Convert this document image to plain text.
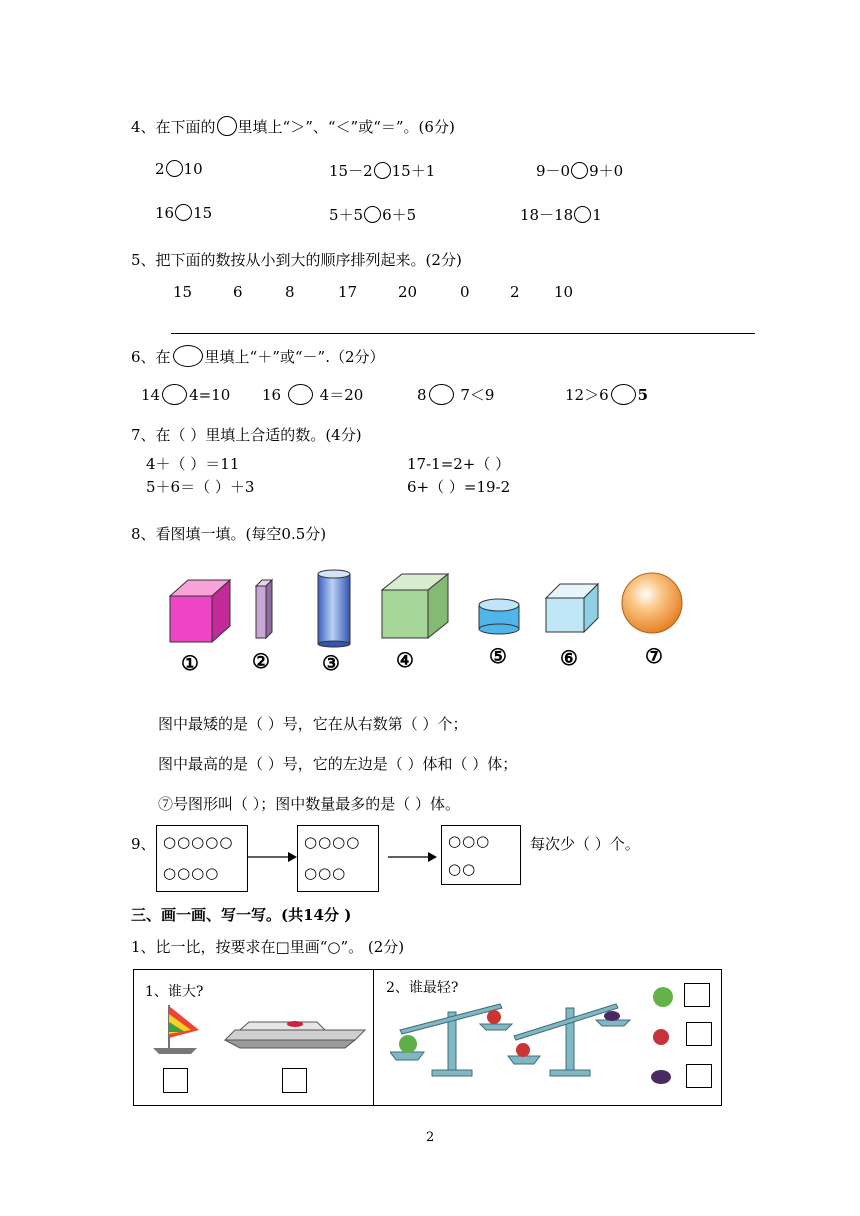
4、在下面的 里填上“＞”、“＜”或“＝”。(6分)
2 10	15－2 15＋1	9－0 9＋0
16 15	5＋5 6＋5	18－18 1
5、把下面的数按从小到大的顺序排列起来。(2分)
15	6	8	17	20	0	2 10
6、在 里填上“＋”或“－”.（2分）
14 4=10 16	4＝20	8 7＜9	12＞6 5
7、在（ ）里填上合适的数。(4分)
4＋（ ）＝11	17-1=2+（ ）
5＋6＝（ ）＋3	6+（ ）=19-2
8、看图填一填。(每空0.5分)
①	②	③	④	⑤	⑥	⑦
图中最矮的是（ ）号，它在从右数第（ ）个；
图中最高的是（ ）号，它的左边是（ ）体和（ ）体；
⑦号图形叫（ ）；图中数量最多的是（ ）体。
9、 ○○○○○
○○○○
○○○○
○○○
○○○
○○
每次少（ ）个。
三、画一画、写一写。(共14分 )
1、比一比，按要求在□里画“○”。 (2分)
1、谁大?	2、谁最轻?
2
